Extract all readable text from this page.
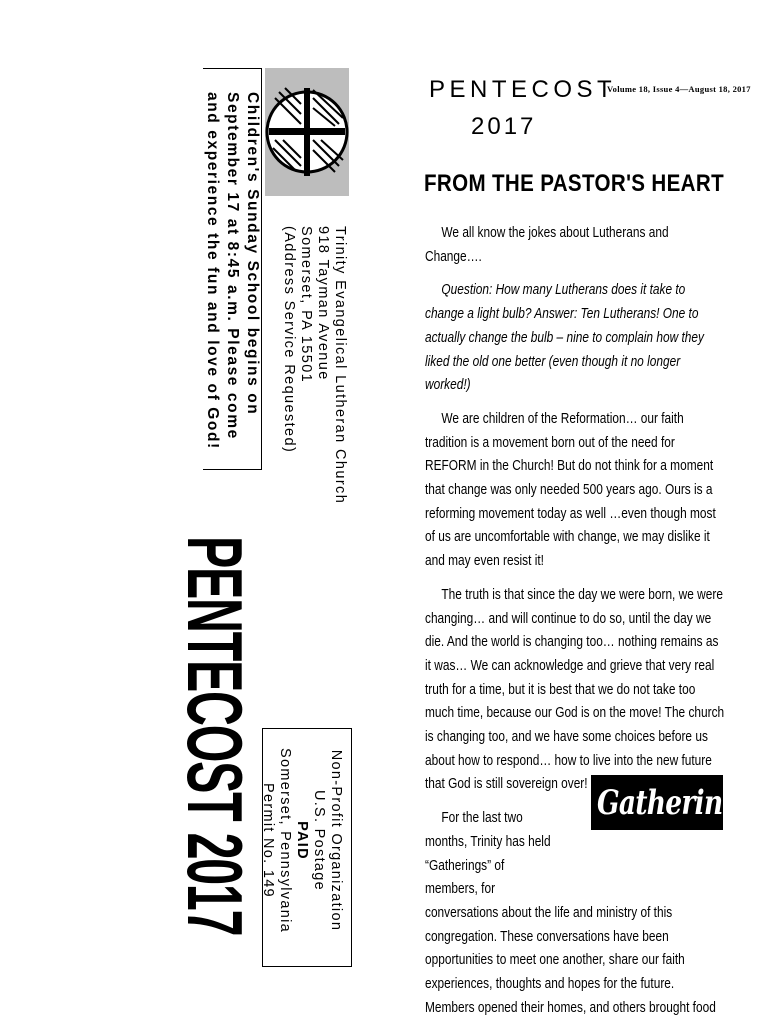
Children's Sunday School begins on
September 17 at 8:45 a.m. Please come
and experience the fun and love of God!	Trinity Evangelical Lutheran Church
918 Tayman Avenue
Somerset, PA 15501
(Address Service Requested)
PENTECOST 2017	Non-Profit Organization
U.S. Postage
PAID
Somerset, Pennsylvania
Permit No. 149
PENTECOST
2017
Volume 18, Issue 4—August 18, 2017
FROM THE PASTOR'S HEART

We all know the jokes about Lutherans and Change….

Question: How many Lutherans does it take to change a light bulb? Answer: Ten Lutherans! One to actually change the bulb – nine to complain how they liked the old one better (even though it no longer worked!)

We are children of the Reformation… our faith tradition is a movement born out of the need for REFORM in the Church! But do not think for a moment that change was only needed 500 years ago. Ours is a reforming movement today as well …even though most of us are uncomfortable with change, we may dislike it and may even resist it!

The truth is that since the day we were born, we were changing… and will continue to do so, until the day we die. And the world is changing too… nothing remains as it was… We can acknowledge and grieve that very real truth for a time, but it is best that we do not take too much time, because our God is on the move! The church is changing too, and we have some choices before us about how to respond… how to live into the new future that God is still sovereign over!

For the last two months, Trinity has held “Gatherings” of members, for conversations about the life and ministry of this congregation. These conversations have been opportunities to meet one another, share our faith experiences, thoughts and hopes for the future. Members opened their homes, and others brought food

Gatherings
